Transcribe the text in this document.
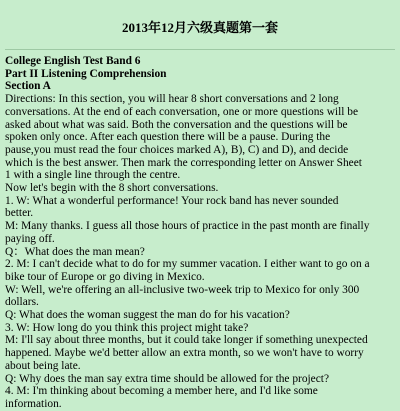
2013年12月六级真题第一套
College English Test Band 6
Part II Listening Comprehension
Section A
Directions: In this section, you will hear 8 short conversations and 2 long
conversations. At the end of each conversation, one or more questions will be
asked about what was said. Both the conversation and the questions will be
spoken only once. After each question there will be a pause. During the
pause,you must read the four choices marked A), B), C) and D), and decide
which is the best answer. Then mark the corresponding letter on Answer Sheet
1 with a single line through the centre.
Now let's begin with the 8 short conversations.
1. W: What a wonderful performance! Your rock band has never sounded
better.
M: Many thanks. I guess all those hours of practice in the past month are finally
paying off.
Q：What does the man mean?
2. M: I can't decide what to do for my summer vacation. I either want to go on a
bike tour of Europe or go diving in Mexico.
W: Well, we're offering an all-inclusive two-week trip to Mexico for only 300
dollars.
Q: What does the woman suggest the man do for his vacation?
3. W: How long do you think this project might take?
M: I'll say about three months, but it could take longer if something unexpected
happened. Maybe we'd better allow an extra month, so we won't have to worry
about being late.
Q: Why does the man say extra time should be allowed for the project?
4. M: I'm thinking about becoming a member here, and I'd like some
information.
